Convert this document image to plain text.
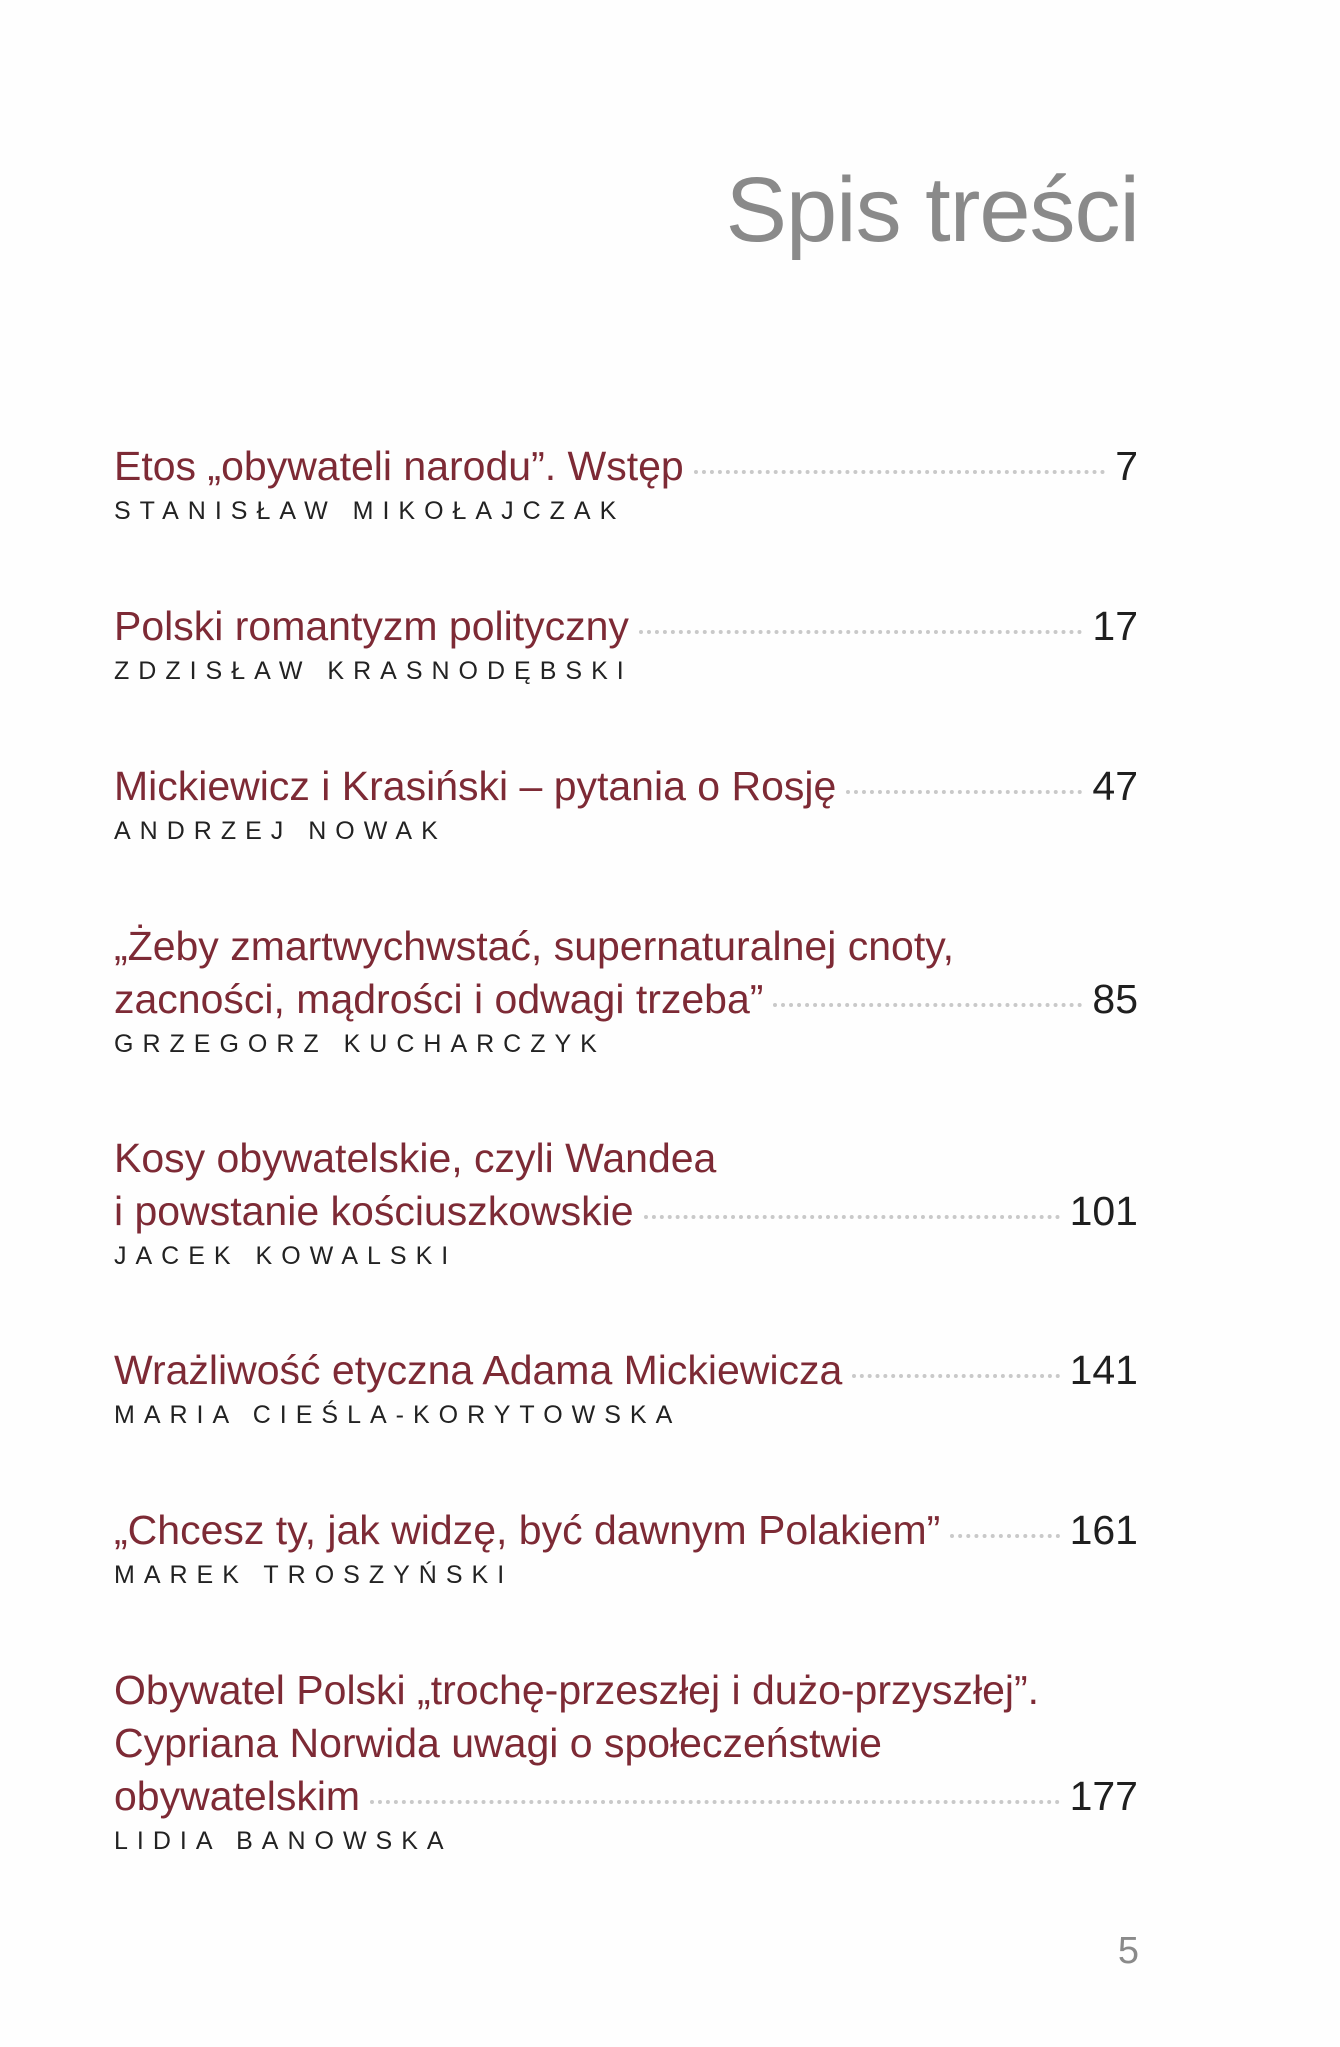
Spis treści
Etos „obywateli narodu”. Wstęp	7
STANISŁAW MIKOŁAJCZAK
Polski romantyzm polityczny	17
ZDZISŁAW KRASNODĘBSKI
Mickiewicz i Krasiński – pytania o Rosję	47
ANDRZEJ NOWAK
„Żeby zmartwychwstać, supernaturalnej cnoty,
zacności, mądrości i odwagi trzeba”	85
GRZEGORZ KUCHARCZYK
Kosy obywatelskie, czyli Wandea
i powstanie kościuszkowskie	101
JACEK KOWALSKI
Wrażliwość etyczna Adama Mickiewicza	141
MARIA CIEŚLA-KORYTOWSKA
„Chcesz ty, jak widzę, być dawnym Polakiem”	161
MAREK TROSZYŃSKI
Obywatel Polski „trochę-przeszłej i dużo-przyszłej”.
Cypriana Norwida uwagi o społeczeństwie
obywatelskim	177
LIDIA BANOWSKA
5
